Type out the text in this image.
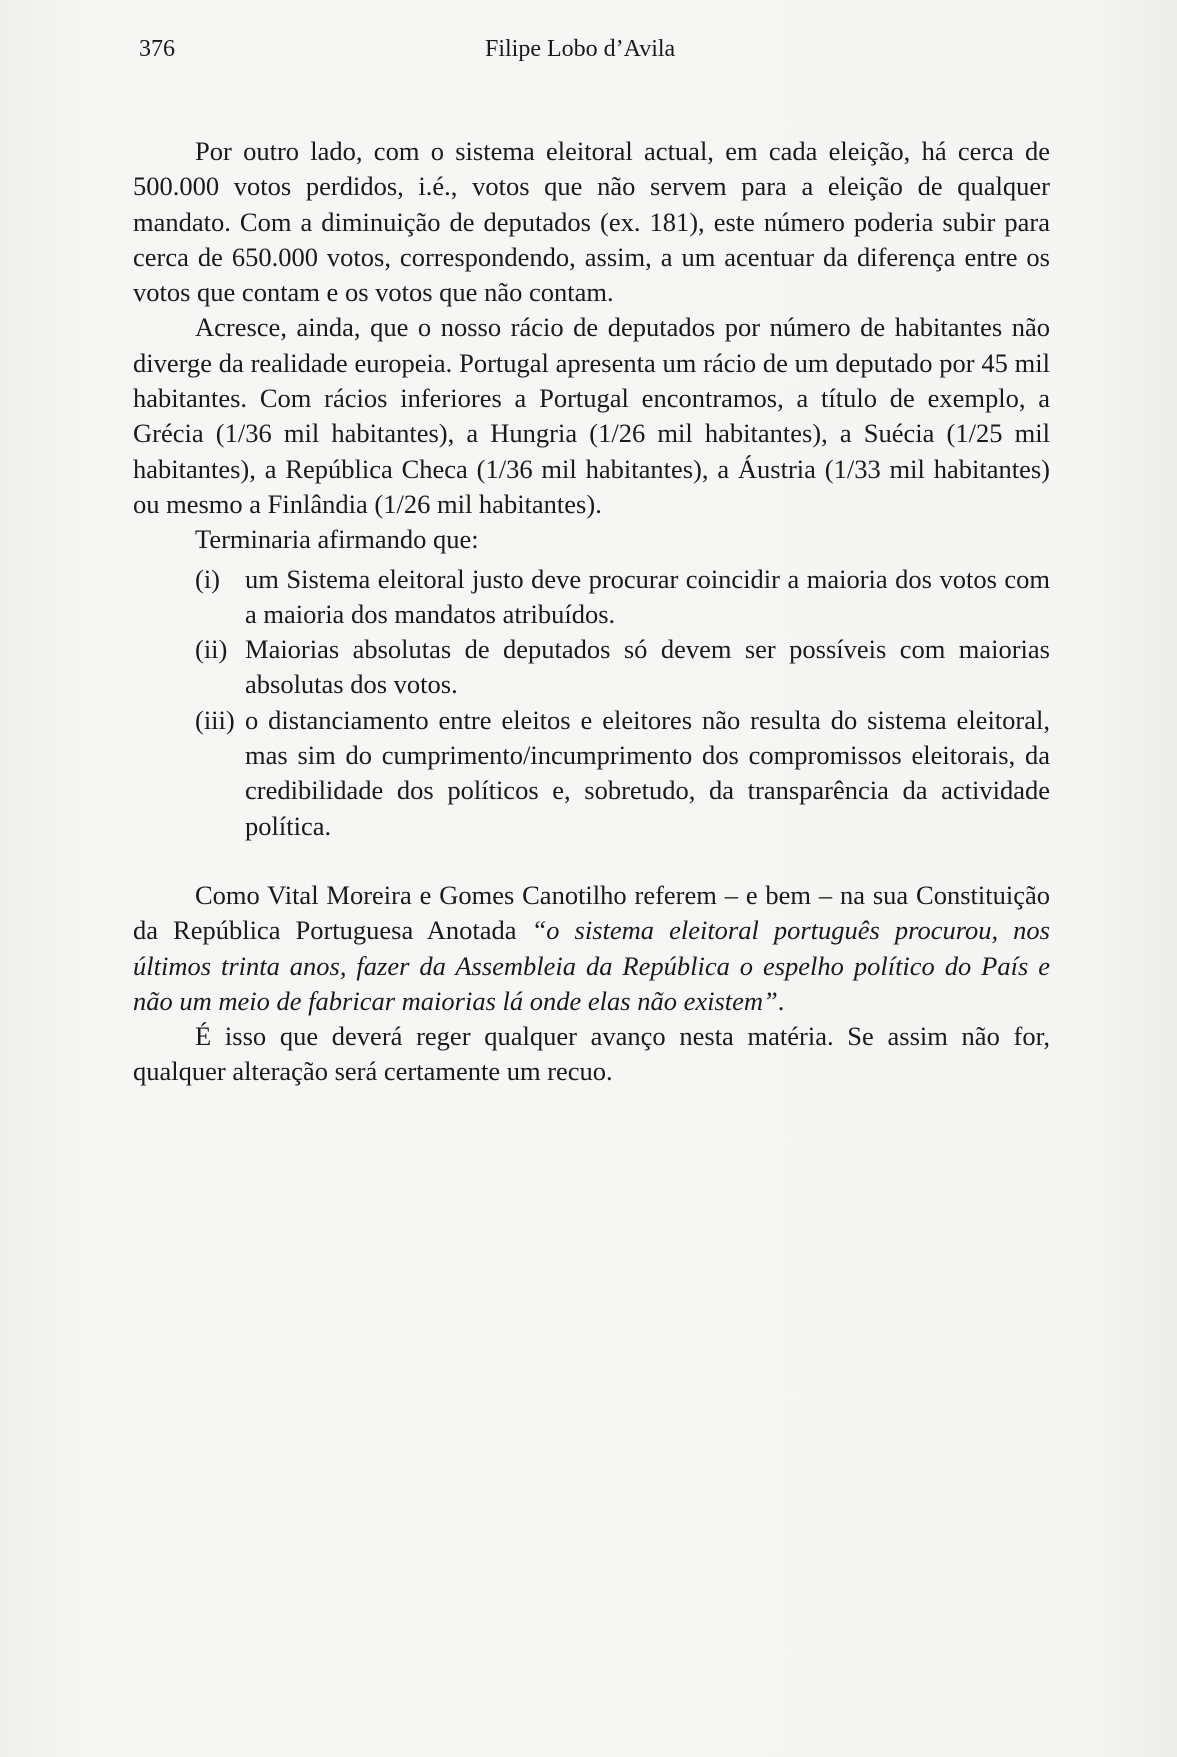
376	Filipe Lobo d’Avila

Por outro lado, com o sistema eleitoral actual, em cada eleição, há cerca de 500.000 votos perdidos, i.é., votos que não servem para a eleição de qualquer mandato. Com a diminuição de deputados (ex. 181), este número poderia subir para cerca de 650.000 votos, correspondendo, assim, a um acentuar da diferença entre os votos que contam e os votos que não contam.

Acresce, ainda, que o nosso rácio de deputados por número de habitantes não diverge da realidade europeia. Portugal apresenta um rácio de um deputado por 45 mil habitantes. Com rácios inferiores a Portugal encontramos, a título de exemplo, a Grécia (1/36 mil habitantes), a Hungria (1/26 mil habitantes), a Suécia (1/25 mil habitantes), a República Checa (1/36 mil habitantes), a Áustria (1/33 mil habitantes) ou mesmo a Finlândia (1/26 mil habitantes).

Terminaria afirmando que:

(i) um Sistema eleitoral justo deve procurar coincidir a maioria dos votos com a maioria dos mandatos atribuídos.
(ii) Maiorias absolutas de deputados só devem ser possíveis com maiorias absolutas dos votos.
(iii) o distanciamento entre eleitos e eleitores não resulta do sistema eleitoral, mas sim do cumprimento/incumprimento dos compromissos eleitorais, da credibilidade dos políticos e, sobretudo, da transparência da actividade política.

Como Vital Moreira e Gomes Canotilho referem – e bem – na sua Constituição da República Portuguesa Anotada “o sistema eleitoral português procurou, nos últimos trinta anos, fazer da Assembleia da República o espelho político do País e não um meio de fabricar maiorias lá onde elas não existem”.

É isso que deverá reger qualquer avanço nesta matéria. Se assim não for, qualquer alteração será certamente um recuo.
